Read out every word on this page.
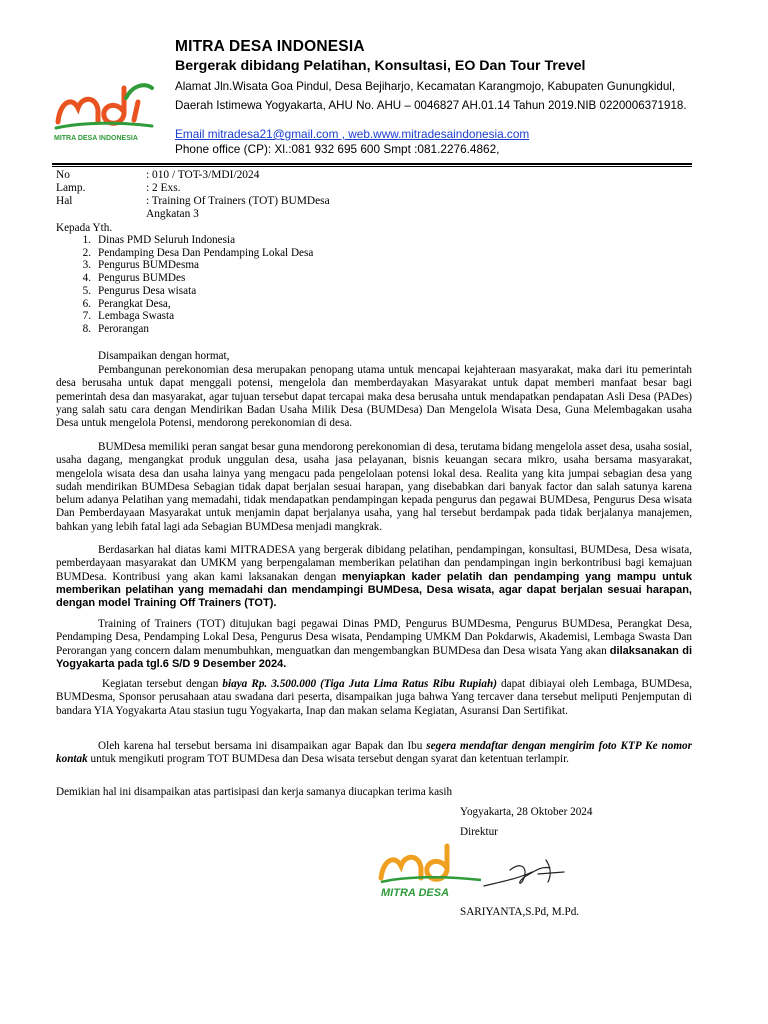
MITRA DESA INDONESIA
MITRA DESA INDONESIA
Bergerak dibidang Pelatihan, Konsultasi, EO Dan Tour Trevel
Alamat Jln.Wisata Goa Pindul, Desa Bejiharjo, Kecamatan Karangmojo, Kabupaten Gunungkidul, Daerah Istimewa Yogyakarta, AHU No. AHU – 0046827 AH.01.14 Tahun 2019.NIB 0220006371918.
Email mitradesa21@gmail.com , web.www.mitradesaindonesia.com
Phone office (CP): Xl.:081 932 695 600 Smpt :081.2276.4862,
No	: 010 / TOT-3/MDI/2024
Lamp.	: 2 Exs.
Hal	: Training Of Trainers (TOT) BUMDesa
Angkatan 3
Kepada Yth.
1. Dinas PMD Seluruh Indonesia
2. Pendamping Desa Dan Pendamping Lokal Desa
3. Pengurus BUMDesma
4. Pengurus BUMDes
5. Pengurus Desa wisata
6. Perangkat Desa,
7. Lembaga Swasta
8. Perorangan
Disampaikan dengan hormat,
Pembangunan perekonomian desa merupakan penopang utama untuk mencapai kejahteraan masyarakat, maka dari itu pemerintah desa berusaha untuk dapat menggali potensi, mengelola dan memberdayakan Masyarakat untuk dapat memberi manfaat besar bagi pemerintah desa dan masyarakat, agar tujuan tersebut dapat tercapai maka desa berusaha untuk mendapatkan pendapatan Asli Desa (PADes) yang salah satu cara dengan Mendirikan Badan Usaha Milik Desa (BUMDesa) Dan Mengelola Wisata Desa, Guna Melembagakan usaha Desa untuk mengelola Potensi, mendorong perekonomian di desa.
BUMDesa memiliki peran sangat besar guna mendorong perekonomian di desa, terutama bidang mengelola asset desa, usaha sosial, usaha dagang, mengangkat produk unggulan desa, usaha jasa pelayanan, bisnis keuangan secara mikro, usaha bersama masyarakat, mengelola wisata desa dan usaha lainya yang mengacu pada pengelolaan potensi lokal desa. Realita yang kita jumpai sebagian desa yang sudah mendirikan BUMDesa Sebagian tidak dapat berjalan sesuai harapan, yang disebabkan dari banyak factor dan salah satunya karena belum adanya Pelatihan yang memadahi, tidak mendapatkan pendampingan kepada pengurus dan pegawai BUMDesa, Pengurus Desa wisata Dan Pemberdayaan Masyarakat untuk menjamin dapat berjalanya usaha, yang hal tersebut berdampak pada tidak berjalanya manajemen, bahkan yang lebih fatal lagi ada Sebagian BUMDesa menjadi mangkrak.
Berdasarkan hal diatas kami MITRADESA yang bergerak dibidang pelatihan, pendampingan, konsultasi, BUMDesa, Desa wisata, pemberdayaan masyarakat dan UMKM yang berpengalaman memberikan pelatihan dan pendampingan ingin berkontribusi bagi kemajuan BUMDesa. Kontribusi yang akan kami laksanakan dengan menyiapkan kader pelatih dan pendamping yang mampu untuk memberikan pelatihan yang memadahi dan mendampingi BUMDesa, Desa wisata, agar dapat berjalan sesuai harapan, dengan model Training Off Trainers (TOT).
Training of Trainers (TOT) ditujukan bagi pegawai Dinas PMD, Pengurus BUMDesma, Pengurus BUMDesa, Perangkat Desa, Pendamping Desa, Pendamping Lokal Desa, Pengurus Desa wisata, Pendamping UMKM Dan Pokdarwis, Akademisi, Lembaga Swasta Dan Perorangan yang concern dalam menumbuhkan, menguatkan dan mengembangkan BUMDesa dan Desa wisata Yang akan dilaksanakan di Yogyakarta pada tgl.6 S/D 9 Desember 2024.
Kegiatan tersebut dengan biaya Rp. 3.500.000 (Tiga Juta Lima Ratus Ribu Rupiah) dapat dibiayai oleh Lembaga, BUMDesa, BUMDesma, Sponsor perusahaan atau swadana dari peserta, disampaikan juga bahwa Yang tercaver dana tersebut meliputi Penjemputan di bandara YIA Yogyakarta Atau stasiun tugu Yogyakarta, Inap dan makan selama Kegiatan, Asuransi Dan Sertifikat.
Oleh karena hal tersebut bersama ini disampaikan agar Bapak dan Ibu segera mendaftar dengan mengirim foto KTP Ke nomor kontak untuk mengikuti program TOT BUMDesa dan Desa wisata tersebut dengan syarat dan ketentuan terlampir.
Demikian hal ini disampaikan atas partisipasi dan kerja samanya diucapkan terima kasih
Yogyakarta, 28 Oktober 2024
Direktur
MITRA DESA
SARIYANTA,S.Pd, M.Pd.
